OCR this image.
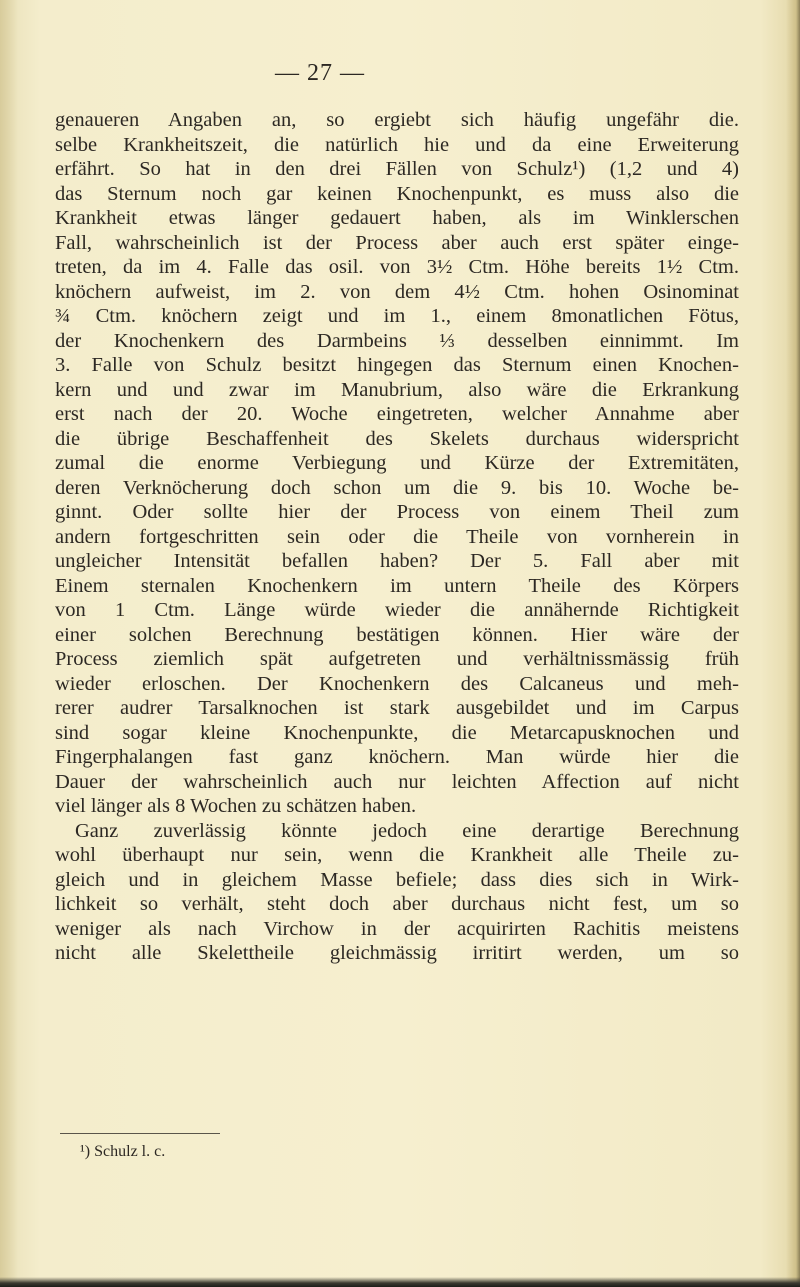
— 27 —
genaueren Angaben an, so ergiebt sich häufig ungefähr die.
selbe Krankheitszeit, die natürlich hie und da eine Erweiterung
erfährt. So hat in den drei Fällen von Schulz¹) (1,2 und 4)
das Sternum noch gar keinen Knochenpunkt, es muss also die
Krankheit etwas länger gedauert haben, als im Winklerschen
Fall, wahrscheinlich ist der Process aber auch erst später einge-
treten, da im 4. Falle das osil. von 3½ Ctm. Höhe bereits 1½ Ctm.
knöchern aufweist, im 2. von dem 4½ Ctm. hohen Osinominat
¾ Ctm. knöchern zeigt und im 1., einem 8monatlichen Fötus,
der Knochenkern des Darmbeins ⅓ desselben einnimmt. Im
3. Falle von Schulz besitzt hingegen das Sternum einen Knochen-
kern und und zwar im Manubrium, also wäre die Erkrankung
erst nach der 20. Woche eingetreten, welcher Annahme aber
die übrige Beschaffenheit des Skelets durchaus widerspricht
zumal die enorme Verbiegung und Kürze der Extremitäten,
deren Verknöcherung doch schon um die 9. bis 10. Woche be-
ginnt. Oder sollte hier der Process von einem Theil zum
andern fortgeschritten sein oder die Theile von vornherein in
ungleicher Intensität befallen haben? Der 5. Fall aber mit
Einem sternalen Knochenkern im untern Theile des Körpers
von 1 Ctm. Länge würde wieder die annähernde Richtigkeit
einer solchen Berechnung bestätigen können. Hier wäre der
Process ziemlich spät aufgetreten und verhältnissmässig früh
wieder erloschen. Der Knochenkern des Calcaneus und meh-
rerer audrer Tarsalknochen ist stark ausgebildet und im Carpus
sind sogar kleine Knochenpunkte, die Metarcapusknochen und
Fingerphalangen fast ganz knöchern. Man würde hier die
Dauer der wahrscheinlich auch nur leichten Affection auf nicht
viel länger als 8 Wochen zu schätzen haben.
Ganz zuverlässig könnte jedoch eine derartige Berechnung
wohl überhaupt nur sein, wenn die Krankheit alle Theile zu-
gleich und in gleichem Masse befiele; dass dies sich in Wirk-
lichkeit so verhält, steht doch aber durchaus nicht fest, um so
weniger als nach Virchow in der acquirirten Rachitis meistens
nicht alle Skelettheile gleichmässig irritirt werden, um so
¹) Schulz l. c.
